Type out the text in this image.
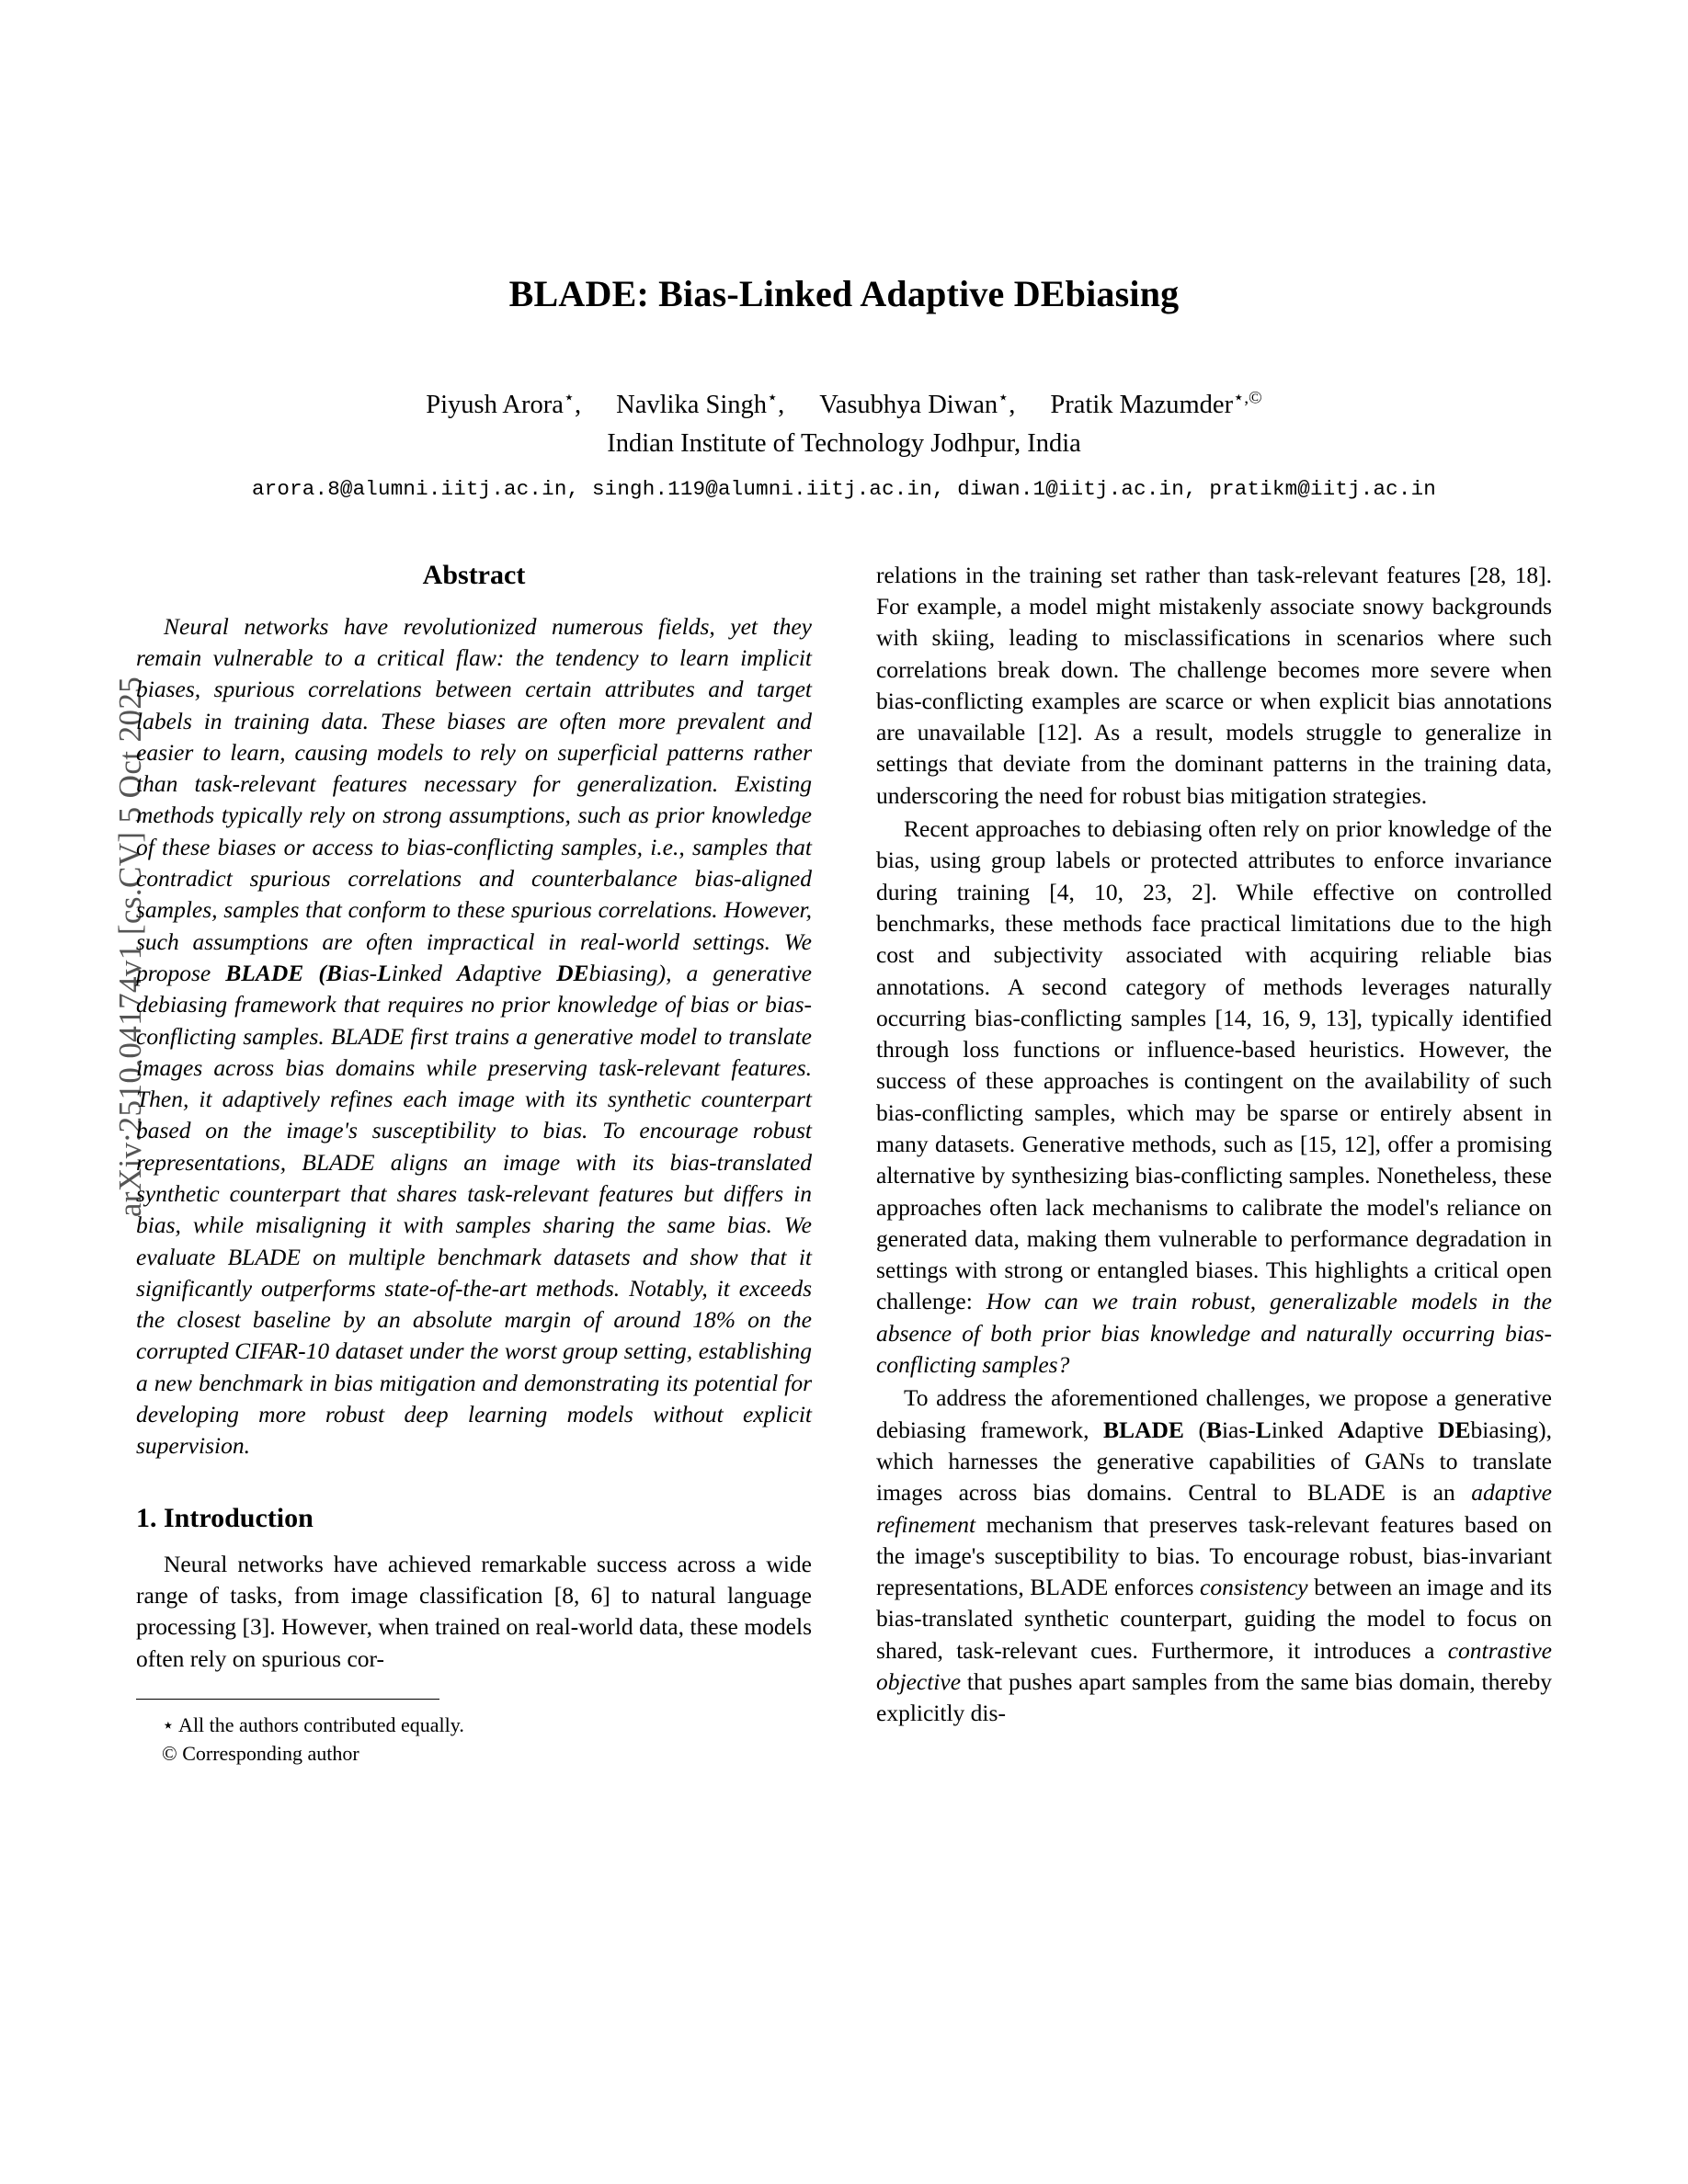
arXiv:2510.04174v1 [cs.CV] 5 Oct 2025
BLADE: Bias-Linked Adaptive DEbiasing
Piyush Arora⋆, Navlika Singh⋆, Vasubhya Diwan⋆, Pratik Mazumder⋆,©
Indian Institute of Technology Jodhpur, India
arora.8@alumni.iitj.ac.in, singh.119@alumni.iitj.ac.in, diwan.1@iitj.ac.in, pratikm@iitj.ac.in
Abstract

Neural networks have revolutionized numerous fields, yet they remain vulnerable to a critical flaw: the tendency to learn implicit biases, spurious correlations between certain attributes and target labels in training data. These biases are often more prevalent and easier to learn, causing models to rely on superficial patterns rather than task-relevant features necessary for generalization. Existing methods typically rely on strong assumptions, such as prior knowledge of these biases or access to bias-conflicting samples, i.e., samples that contradict spurious correlations and counterbalance bias-aligned samples, samples that conform to these spurious correlations. However, such assumptions are often impractical in real-world settings. We propose BLADE (Bias-Linked Adaptive DEbiasing), a generative debiasing framework that requires no prior knowledge of bias or bias-conflicting samples. BLADE first trains a generative model to translate images across bias domains while preserving task-relevant features. Then, it adaptively refines each image with its synthetic counterpart based on the image's susceptibility to bias. To encourage robust representations, BLADE aligns an image with its bias-translated synthetic counterpart that shares task-relevant features but differs in bias, while misaligning it with samples sharing the same bias. We evaluate BLADE on multiple benchmark datasets and show that it significantly outperforms state-of-the-art methods. Notably, it exceeds the closest baseline by an absolute margin of around 18% on the corrupted CIFAR-10 dataset under the worst group setting, establishing a new benchmark in bias mitigation and demonstrating its potential for developing more robust deep learning models without explicit supervision.

1. Introduction

Neural networks have achieved remarkable success across a wide range of tasks, from image classification [8, 6] to natural language processing [3]. However, when trained on real-world data, these models often rely on spurious cor-

⋆ All the authors contributed equally.
© Corresponding author

relations in the training set rather than task-relevant features [28, 18]. For example, a model might mistakenly associate snowy backgrounds with skiing, leading to misclassifications in scenarios where such correlations break down. The challenge becomes more severe when bias-conflicting examples are scarce or when explicit bias annotations are unavailable [12]. As a result, models struggle to generalize in settings that deviate from the dominant patterns in the training data, underscoring the need for robust bias mitigation strategies.

Recent approaches to debiasing often rely on prior knowledge of the bias, using group labels or protected attributes to enforce invariance during training [4, 10, 23, 2]. While effective on controlled benchmarks, these methods face practical limitations due to the high cost and subjectivity associated with acquiring reliable bias annotations. A second category of methods leverages naturally occurring bias-conflicting samples [14, 16, 9, 13], typically identified through loss functions or influence-based heuristics. However, the success of these approaches is contingent on the availability of such bias-conflicting samples, which may be sparse or entirely absent in many datasets. Generative methods, such as [15, 12], offer a promising alternative by synthesizing bias-conflicting samples. Nonetheless, these approaches often lack mechanisms to calibrate the model's reliance on generated data, making them vulnerable to performance degradation in settings with strong or entangled biases. This highlights a critical open challenge: How can we train robust, generalizable models in the absence of both prior bias knowledge and naturally occurring bias-conflicting samples?

To address the aforementioned challenges, we propose a generative debiasing framework, BLADE (Bias-Linked Adaptive DEbiasing), which harnesses the generative capabilities of GANs to translate images across bias domains. Central to BLADE is an adaptive refinement mechanism that preserves task-relevant features based on the image's susceptibility to bias. To encourage robust, bias-invariant representations, BLADE enforces consistency between an image and its bias-translated synthetic counterpart, guiding the model to focus on shared, task-relevant cues. Furthermore, it introduces a contrastive objective that pushes apart samples from the same bias domain, thereby explicitly dis-
